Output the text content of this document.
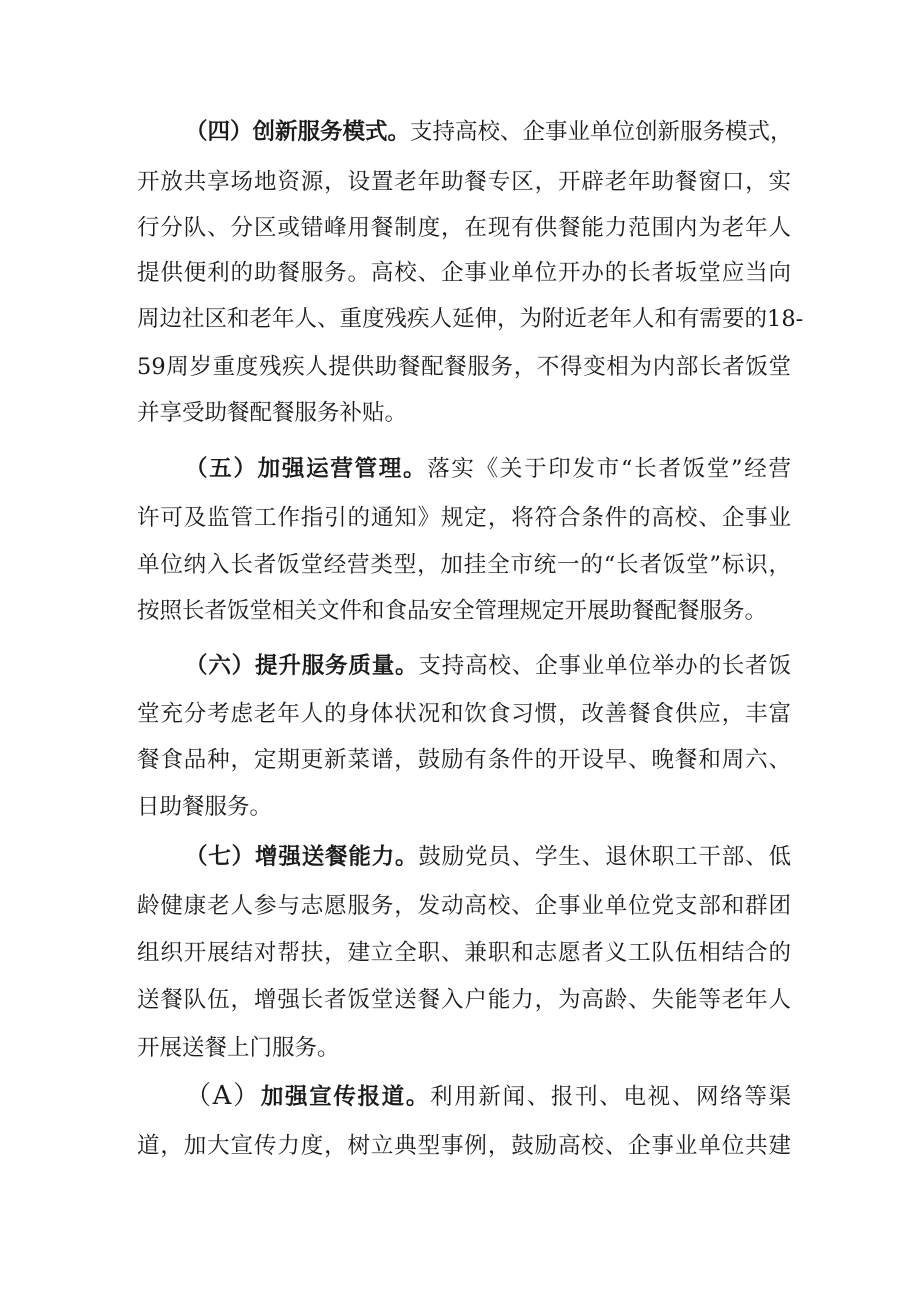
（四）创新服务模式。支持高校、企事业单位创新服务模式，
开放共享场地资源，设置老年助餐专区，开辟老年助餐窗口，实
行分队、分区或错峰用餐制度，在现有供餐能力范围内为老年人
提供便利的助餐服务。高校、企事业单位开办的长者坂堂应当向
周边社区和老年人、重度残疾人延伸，为附近老年人和有需要的18-
59周岁重度残疾人提供助餐配餐服务，不得变相为内部长者饭堂
并享受助餐配餐服务补贴。
（五）加强运营管理。落实《关于印发市“长者饭堂”经营
许可及监管工作指引的通知》规定，将符合条件的高校、企事业
单位纳入长者饭堂经营类型，加挂全市统一的“长者饭堂”标识，
按照长者饭堂相关文件和食品安全管理规定开展助餐配餐服务。
（六）提升服务质量。支持高校、企事业单位举办的长者饭
堂充分考虑老年人的身体状况和饮食习惯，改善餐食供应，丰富
餐食品种，定期更新菜谱，鼓励有条件的开设早、晚餐和周六、
日助餐服务。
（七）增强送餐能力。鼓励党员、学生、退休职工干部、低
龄健康老人参与志愿服务，发动高校、企事业单位党支部和群团
组织开展结对帮扶，建立全职、兼职和志愿者义工队伍相结合的
送餐队伍，增强长者饭堂送餐入户能力，为高龄、失能等老年人
开展送餐上门服务。
（A）加强宣传报道。利用新闻、报刊、电视、网络等渠
道，加大宣传力度，树立典型事例，鼓励高校、企事业单位共建
